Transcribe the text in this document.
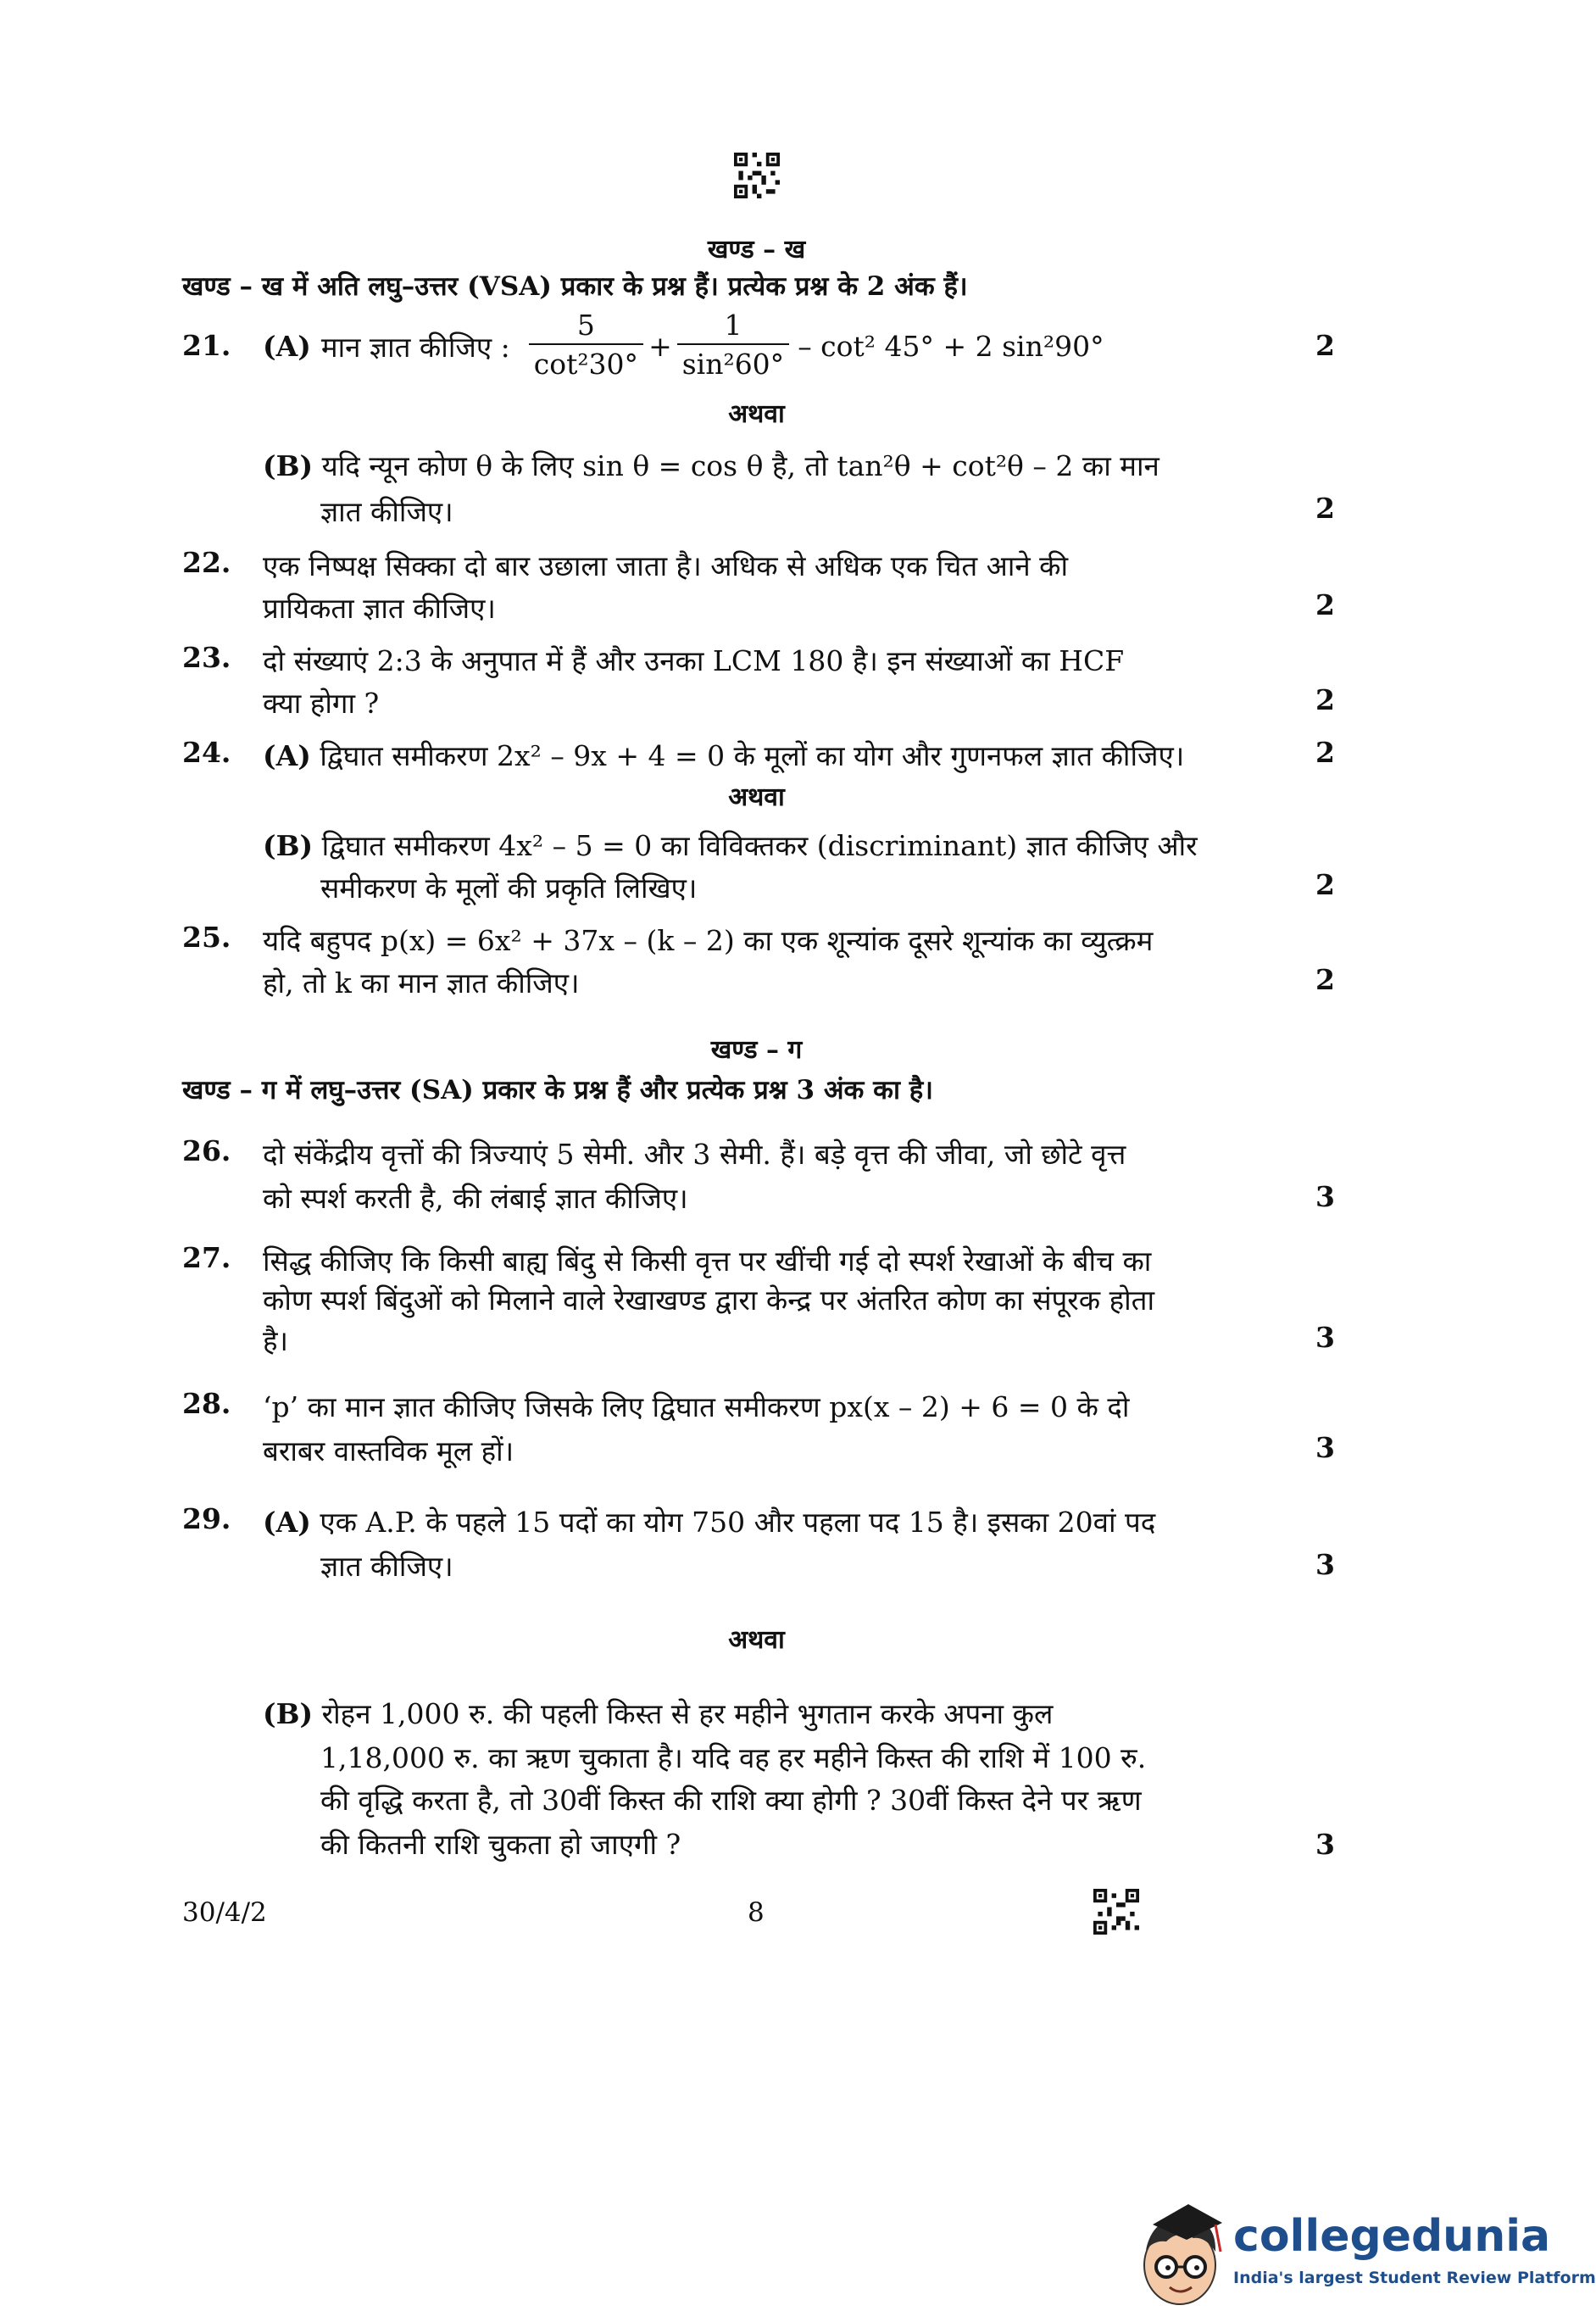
खण्ड – ख
खण्ड – ख में अति लघु–उत्तर (VSA) प्रकार के प्रश्न हैं। प्रत्येक प्रश्न के 2 अंक हैं।
21. (A) मान ज्ञात कीजिए : $\frac{5}{\text{cot²30°}} + \frac{1}{\text{sin²60°}} - \cot^2$ 45° + 2 sin²90°	2
अथवा
(B) यदि न्यून कोण θ के लिए sin θ = cos θ है, तो tan²θ + cot²θ – 2 का मान
ज्ञात कीजिए।	2
22. एक निष्पक्ष सिक्का दो बार उछाला जाता है। अधिक से अधिक एक चित आने की
प्रायिकता ज्ञात कीजिए।	2
23. दो संख्याएं 2:3 के अनुपात में हैं और उनका LCM 180 है। इन संख्याओं का HCF
क्या होगा ?	2
24. (A) द्विघात समीकरण 2x² – 9x + 4 = 0 के मूलों का योग और गुणनफल ज्ञात कीजिए।	2
अथवा
(B) द्विघात समीकरण 4x² – 5 = 0 का विविक्तकर (discriminant) ज्ञात कीजिए और
समीकरण के मूलों की प्रकृति लिखिए।	2
25. यदि बहुपद p(x) = 6x² + 37x – (k – 2) का एक शून्यांक दूसरे शून्यांक का व्युत्क्रम
हो, तो k का मान ज्ञात कीजिए।	2
खण्ड – ग
खण्ड – ग में लघु–उत्तर (SA) प्रकार के प्रश्न हैं और प्रत्येक प्रश्न 3 अंक का है।
26. दो संकेंद्रीय वृत्तों की त्रिज्याएं 5 सेमी. और 3 सेमी. हैं। बड़े वृत्त की जीवा, जो छोटे वृत्त
को स्पर्श करती है, की लंबाई ज्ञात कीजिए।	3
27. सिद्ध कीजिए कि किसी बाह्य बिंदु से किसी वृत्त पर खींची गई दो स्पर्श रेखाओं के बीच का
कोण स्पर्श बिंदुओं को मिलाने वाले रेखाखण्ड द्वारा केन्द्र पर अंतरित कोण का संपूरक होता
है।	3
28. ‘p’ का मान ज्ञात कीजिए जिसके लिए द्विघात समीकरण px(x – 2) + 6 = 0 के दो
बराबर वास्तविक मूल हों।	3
29. (A) एक A.P. के पहले 15 पदों का योग 750 और पहला पद 15 है। इसका 20वां पद
ज्ञात कीजिए।	3
अथवा
(B) रोहन 1,000 रु. की पहली किस्त से हर महीने भुगतान करके अपना कुल
1,18,000 रु. का ऋण चुकाता है। यदि वह हर महीने किस्त की राशि में 100 रु.
की वृद्धि करता है, तो 30वीं किस्त की राशि क्या होगी ? 30वीं किस्त देने पर ऋण
की कितनी राशि चुकता हो जाएगी ?	3
30/4/2	8
collegedunia
India's largest Student Review Platform
